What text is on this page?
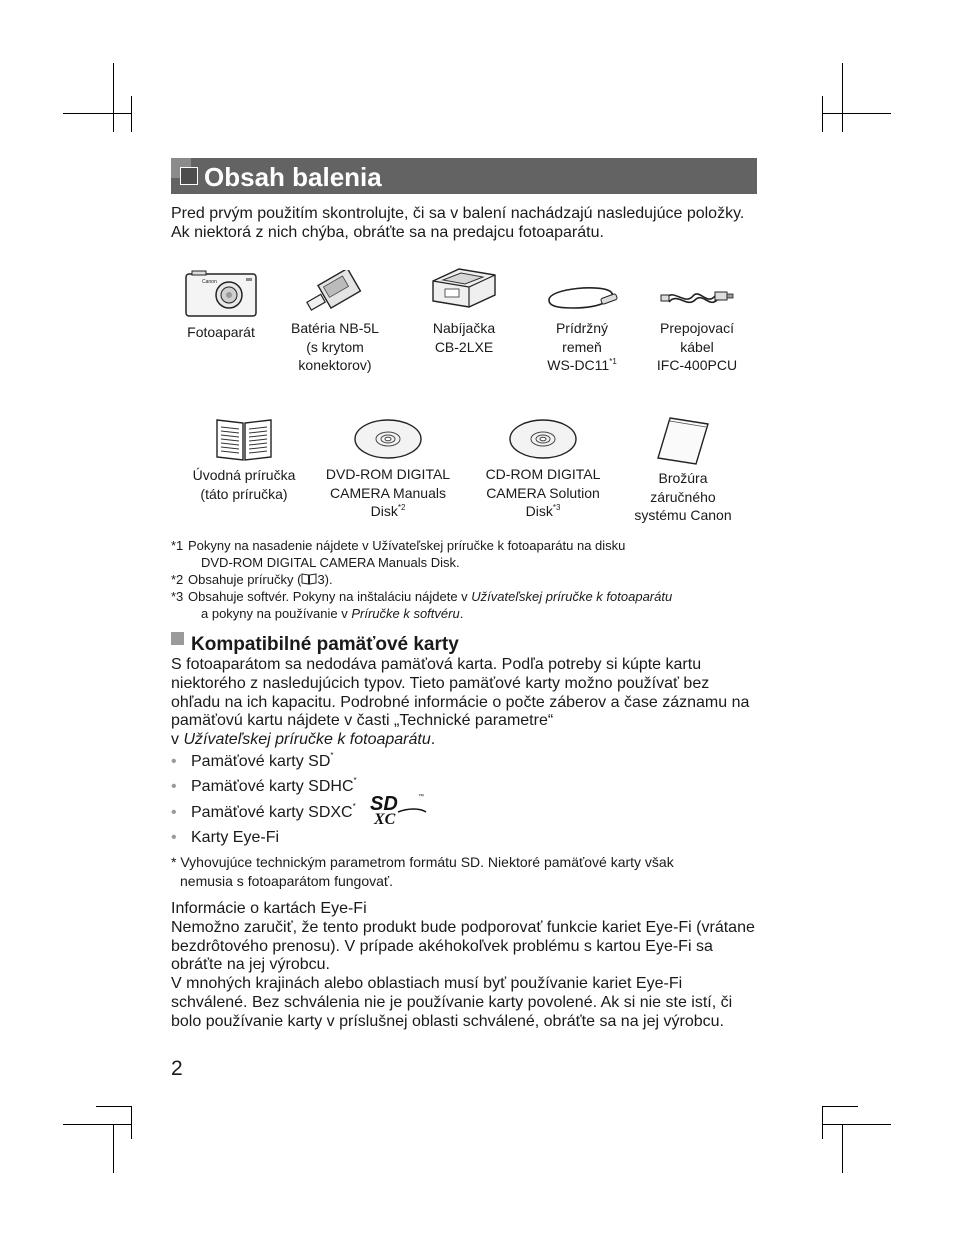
Obsah balenia
Pred prvým použitím skontrolujte, či sa v balení nachádzajú nasledujúce položky.
Ak niektorá z nich chýba, obráťte sa na predajcu fotoaparátu.
Canon
Fotoaparát	Batéria NB-5L
(s krytom
konektorov)
Nabíjačka
CB-2LXE
Prídržný
remeň
WS-DC11$^{*1}$
Prepojovací
kábel
IFC-400PCU
Úvodná príručka
(táto príručka)
DVD-ROM DIGITAL
CAMERA Manuals
Disk$^{*2}$
CD-ROM DIGITAL
CAMERA Solution
Disk$^{*3}$
Brožúra
záručného
systému Canon
*1 Pokyny na nasadenie nájdete v Užívateľskej príručke k fotoaparátu na disku
DVD-ROM DIGITAL CAMERA Manuals Disk.
*2 Obsahuje príručky ( 3).
*3 Obsahuje softvér. Pokyny na inštaláciu nájdete v Užívateľskej príručke k fotoaparátu
a pokyny na používanie v Príručke k softvéru.
Kompatibilné pamäťové karty
S fotoaparátom sa nedodáva pamäťová karta. Podľa potreby si kúpte kartu niektorého z nasledujúcich typov. Tieto pamäťové karty možno používať bez ohľadu na ich kapacitu. Podrobné informácie o počte záberov a čase záznamu na pamäťovú kartu nájdete v časti „Technické parametre“
v Užívateľskej príručke k fotoaparátu.
• Pamäťové karty SD*
• Pamäťové karty SDHC*
• Pamäťové karty SDXC* SD	™
XC
• Karty Eye-Fi
* Vyhovujúce technickým parametrom formátu SD. Niektoré pamäťové karty však
nemusia s fotoaparátom fungovať.
Informácie o kartách Eye-Fi
Nemožno zaručiť, že tento produkt bude podporovať funkcie kariet Eye-Fi (vrátane bezdrôtového prenosu). V prípade akéhokoľvek problému s kartou Eye-Fi sa obráťte na jej výrobcu.
V mnohých krajinách alebo oblastiach musí byť používanie kariet Eye-Fi schválené. Bez schválenia nie je používanie karty povolené. Ak si nie ste istí, či bolo používanie karty v príslušnej oblasti schválené, obráťte sa na jej výrobcu.
2
